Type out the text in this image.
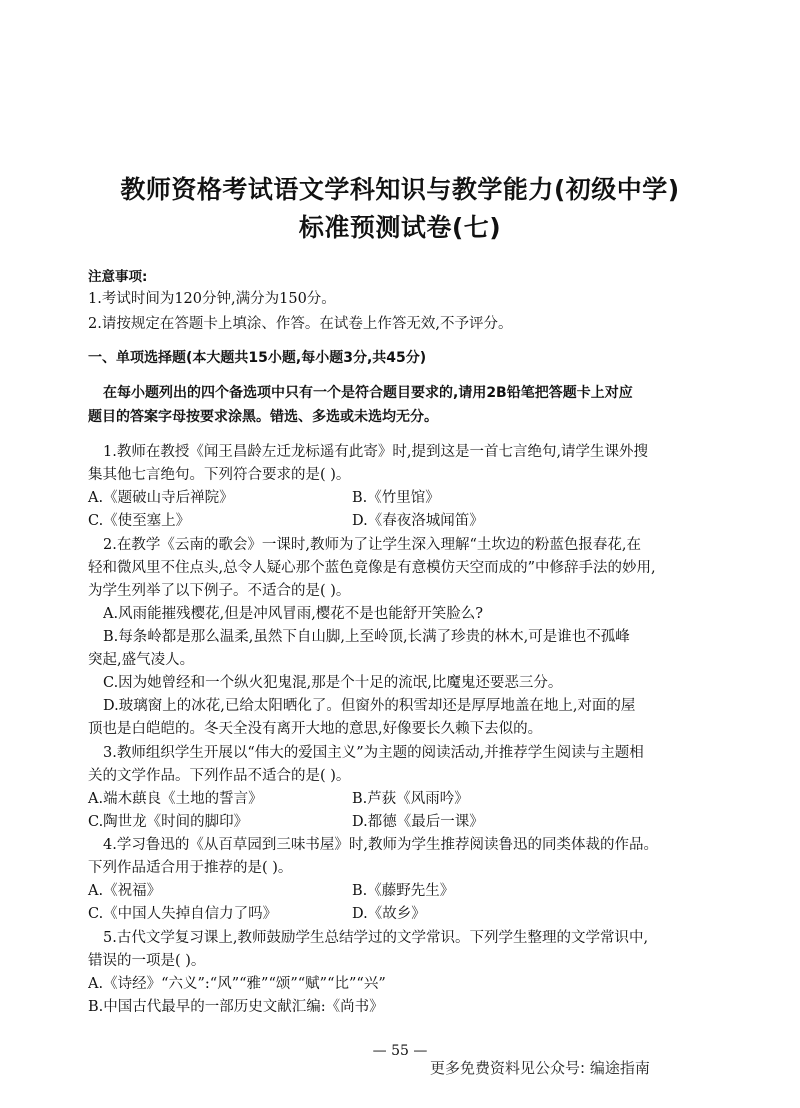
教师资格考试语文学科知识与教学能力(初级中学)
标准预测试卷(七)
注意事项:
1.考试时间为120分钟,满分为150分。
2.请按规定在答题卡上填涂、作答。在试卷上作答无效,不予评分。
一、单项选择题(本大题共15小题,每小题3分,共45分)
在每小题列出的四个备选项中只有一个是符合题目要求的,请用2B铅笔把答题卡上对应
题目的答案字母按要求涂黑。错选、多选或未选均无分。
1.教师在教授《闻王昌龄左迁龙标遥有此寄》时,提到这是一首七言绝句,请学生课外搜
集其他七言绝句。下列符合要求的是( )。
A.《题破山寺后禅院》	B.《竹里馆》
C.《使至塞上》	D.《春夜洛城闻笛》
2.在教学《云南的歌会》一课时,教师为了让学生深入理解“土坎边的粉蓝色报春花,在
轻和微风里不住点头,总令人疑心那个蓝色竟像是有意模仿天空而成的”中修辞手法的妙用,
为学生列举了以下例子。不适合的是( )。
A.风雨能摧残樱花,但是冲风冒雨,樱花不是也能舒开笑脸么?
B.每条岭都是那么温柔,虽然下自山脚,上至岭顶,长满了珍贵的林木,可是谁也不孤峰
突起,盛气凌人。
C.因为她曾经和一个纵火犯鬼混,那是个十足的流氓,比魔鬼还要恶三分。
D.玻璃窗上的冰花,已给太阳晒化了。但窗外的积雪却还是厚厚地盖在地上,对面的屋
顶也是白皑皑的。冬天全没有离开大地的意思,好像要长久赖下去似的。
3.教师组织学生开展以“伟大的爱国主义”为主题的阅读活动,并推荐学生阅读与主题相
关的文学作品。下列作品不适合的是( )。
A.端木蕻良《土地的誓言》	B.芦荻《风雨吟》
C.陶世龙《时间的脚印》	D.都德《最后一课》
4.学习鲁迅的《从百草园到三味书屋》时,教师为学生推荐阅读鲁迅的同类体裁的作品。
下列作品适合用于推荐的是( )。
A.《祝福》	B.《藤野先生》
C.《中国人失掉自信力了吗》	D.《故乡》
5.古代文学复习课上,教师鼓励学生总结学过的文学常识。下列学生整理的文学常识中,
错误的一项是( )。
A.《诗经》“六义”:“风”“雅”“颂”“赋”“比”“兴”
B.中国古代最早的一部历史文献汇编:《尚书》
— 55 —
更多免费资料见公众号: 编途指南
